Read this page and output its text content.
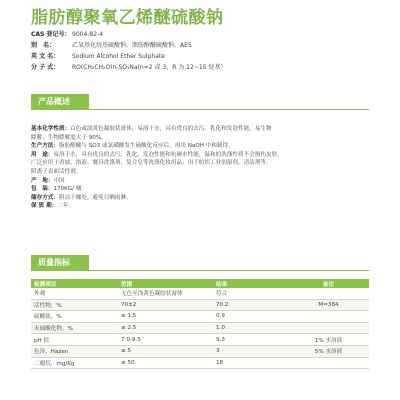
脂肪醇聚氧乙烯醚硫酸钠
CAS 登记号： 9004-82-4
别　名：	乙氧基化烷基硫酸钠、脂肪醇醚硫酸钠、AES
英 文 名：	Sodium Alcohol Ether Sulphate
分 子 式：	RO(CH₂CH₂O)n-SO₃Na(n=2 或 3，R 为 12~15 烷基）
产品概述

基本化学性质：白色或淡黄色凝胶状膏体，易溶于水，具有优良的去污、乳化和发泡性能，易生物

降解，生物降解度大于 90%。

生产方法：脂肪醇醚与 SO3 或氯磺酸发生硫酸化反应后，再用 NaOH 中和制得。

用　途：易溶于水，具有优良的去污、乳化、发泡性能和抗硬水性能，温和的洗涤性质不会损伤皮肤。

广泛应用于香波、浴液、餐具洗涤剂、复合皂等洗涤化妆用品；用于纺织工业润湿剂、清洁剂等。

阴离子表面活性剂。

产　地：中国

包　装：170KG/ 桶

储存方式：阴凉干燥处，避免日晒雨淋。

保 质 期：二年。

质量指标
检测项目	范围	结果	备注
外观	无色至浅黄色凝胶状膏体	符合	
活性物，%	70±2	70.2	M=384
硫酸盐，%	≤ 1.5	0.9	
未硫酸化物，%	≤ 2.5	1.0	
pH 值	7.0-9.5	9.3	1% 水溶液
色泽，Hazen	≤ 5	3	5% 水溶液
二噁烷，mg/Kg	≤ 50	18	
